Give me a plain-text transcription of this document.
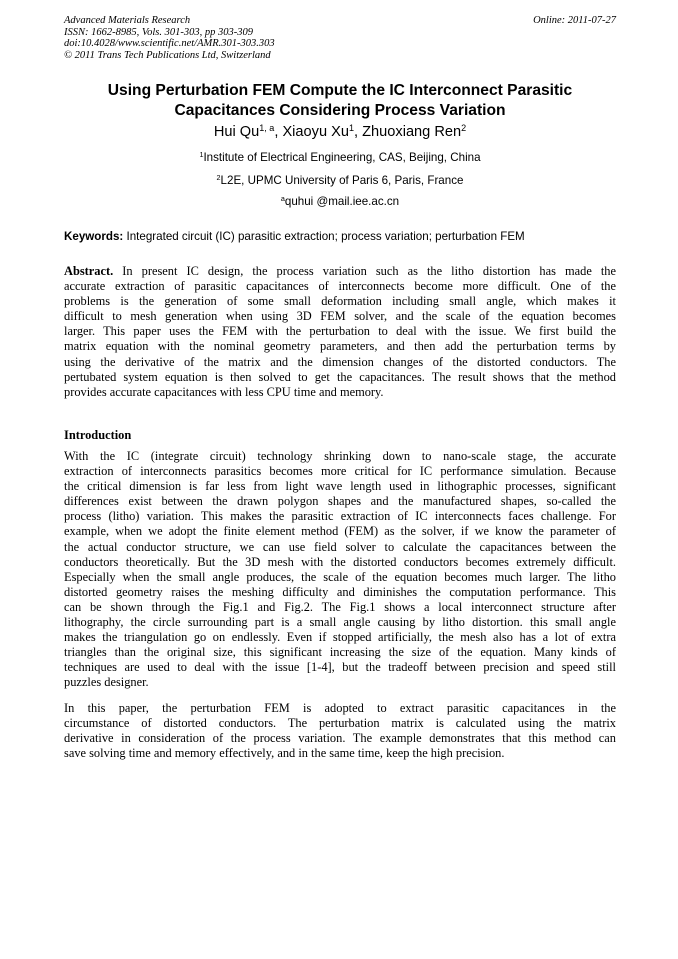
Advanced Materials Research
ISSN: 1662-8985, Vols. 301-303, pp 303-309
doi:10.4028/www.scientific.net/AMR.301-303.303
© 2011 Trans Tech Publications Ltd, Switzerland
Online: 2011-07-27
Using Perturbation FEM Compute the IC Interconnect Parasitic
Capacitances Considering Process Variation
Hui Qu$^{1, a}$, Xiaoyu Xu$^1$, Zhuoxiang Ren$^2$
$^1$Institute of Electrical Engineering, CAS, Beijing, China
$^2$L2E, UPMC University of Paris 6, Paris, France
$^a$quhui @mail.iee.ac.cn
Keywords: Integrated circuit (IC) parasitic extraction; process variation; perturbation FEM
Abstract. In present IC design, the process variation such as the litho distortion has made the
accurate extraction of parasitic capacitances of interconnects become more difficult. One of the
problems is the generation of some small deformation including small angle, which makes it
difficult to mesh generation when using 3D FEM solver, and the scale of the equation becomes
larger. This paper uses the FEM with the perturbation to deal with the issue. We first build the
matrix equation with the nominal geometry parameters, and then add the perturbation terms by
using the derivative of the matrix and the dimension changes of the distorted conductors. The
pertubated system equation is then solved to get the capacitances. The result shows that the method
provides accurate capacitances with less CPU time and memory.
Introduction
With the IC (integrate circuit) technology shrinking down to nano-scale stage, the accurate
extraction of interconnects parasitics becomes more critical for IC performance simulation. Because
the critical dimension is far less from light wave length used in lithographic processes, significant
differences exist between the drawn polygon shapes and the manufactured shapes, so-called the
process (litho) variation. This makes the parasitic extraction of IC interconnects faces challenge. For
example, when we adopt the finite element method (FEM) as the solver, if we know the parameter of
the actual conductor structure, we can use field solver to calculate the capacitances between the
conductors theoretically. But the 3D mesh with the distorted conductors becomes extremely difficult.
Especially when the small angle produces, the scale of the equation becomes much larger. The litho
distorted geometry raises the meshing difficulty and diminishes the computation performance. This
can be shown through the Fig.1 and Fig.2. The Fig.1 shows a local interconnect structure after
lithography, the circle surrounding part is a small angle causing by litho distortion. this small angle
makes the triangulation go on endlessly. Even if stopped artificially, the mesh also has a lot of extra
triangles than the original size, this significant increasing the size of the equation. Many kinds of
techniques are used to deal with the issue [1-4], but the tradeoff between precision and speed still
puzzles designer.
In this paper, the perturbation FEM is adopted to extract parasitic capacitances in the
circumstance of distorted conductors. The perturbation matrix is calculated using the matrix
derivative in consideration of the process variation. The example demonstrates that this method can
save solving time and memory effectively, and in the same time, keep the high precision.
